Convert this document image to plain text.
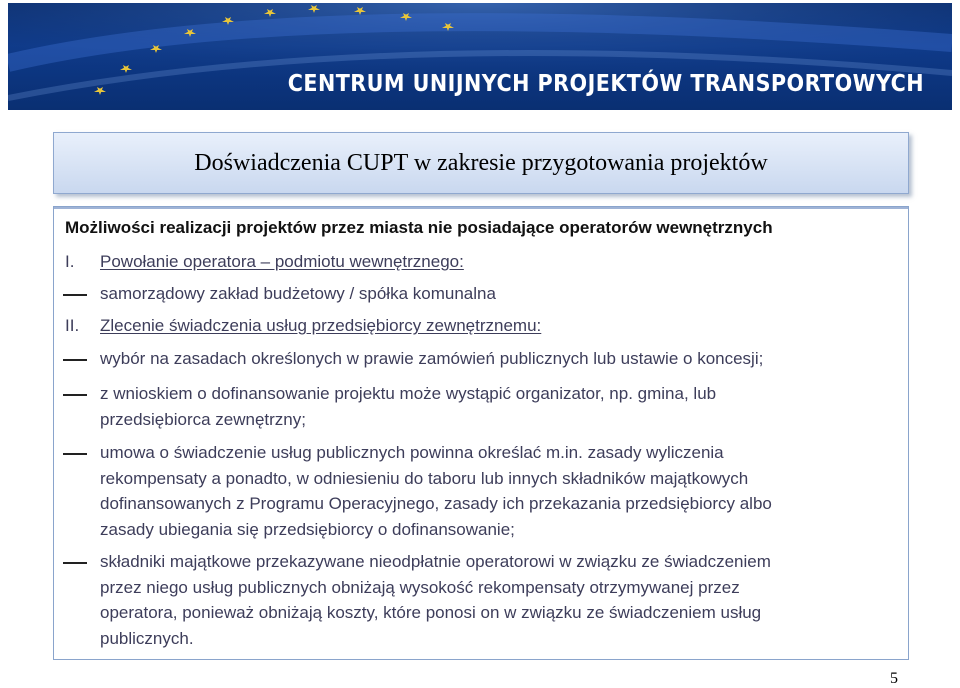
CENTRUM UNIJNYCH PROJEKTÓW TRANSPORTOWYCH
Doświadczenia CUPT w zakresie przygotowania projektów
Możliwości realizacji projektów przez miasta nie posiadające operatorów wewnętrznych
I. Powołanie operatora – podmiotu wewnętrznego:
samorządowy zakład budżetowy / spółka komunalna
II. Zlecenie świadczenia usług przedsiębiorcy zewnętrznemu:
wybór na zasadach określonych w prawie zamówień publicznych lub ustawie o koncesji;
z wnioskiem o dofinansowanie projektu może wystąpić organizator, np. gmina, lub
przedsiębiorca zewnętrzny;
umowa o świadczenie usług publicznych powinna określać m.in. zasady wyliczenia
rekompensaty a ponadto, w odniesieniu do taboru lub innych składników majątkowych
dofinansowanych z Programu Operacyjnego, zasady ich przekazania przedsiębiorcy albo
zasady ubiegania się przedsiębiorcy o dofinansowanie;
składniki majątkowe przekazywane nieodpłatnie operatorowi w związku ze świadczeniem
przez niego usług publicznych obniżają wysokość rekompensaty otrzymywanej przez
operatora, ponieważ obniżają koszty, które ponosi on w związku ze świadczeniem usług
publicznych.
5
